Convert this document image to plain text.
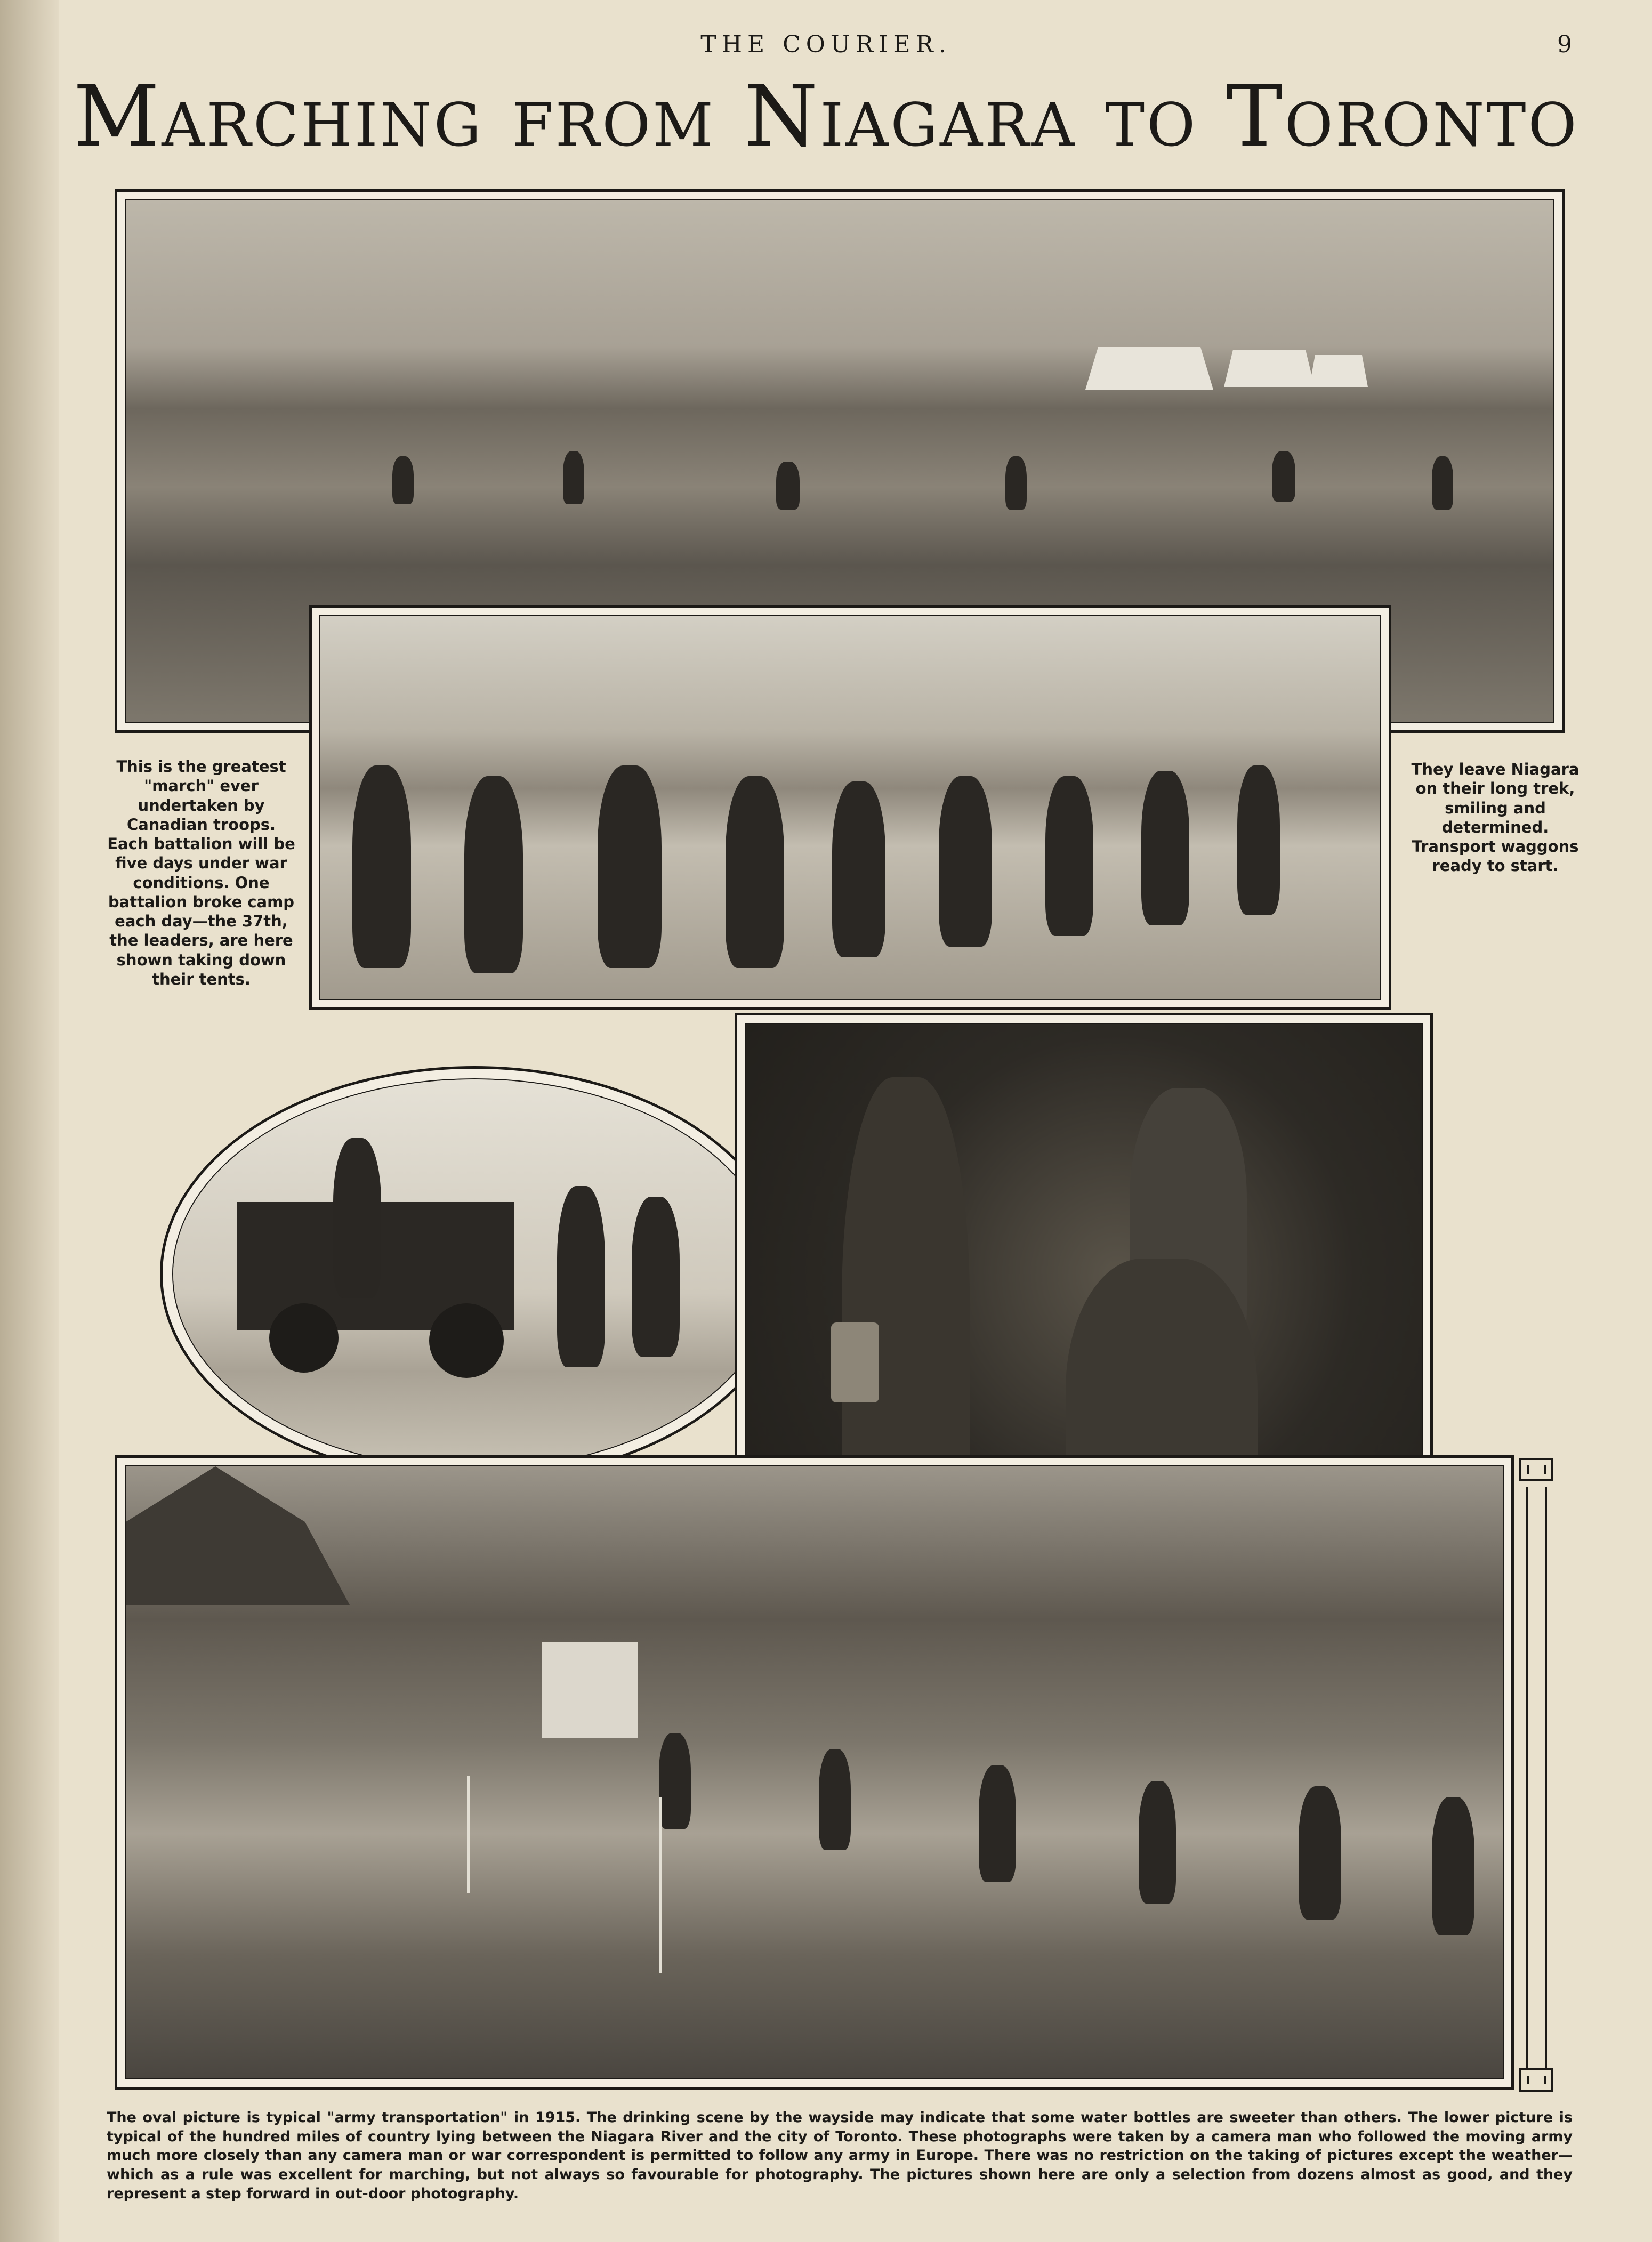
THE COURIER.	9
Marching from Niagara to Toronto
This is the greatest "march" ever undertaken by Canadian troops. Each battalion will be five days under war conditions. One battalion broke camp each day—the 37th, the leaders, are here shown taking down their tents.
They leave Niagara on their long trek, smiling and determined. Transport waggons ready to start.
The oval picture is typical "army transportation" in 1915. The drinking scene by the wayside may indicate that some water bottles are sweeter than others. The lower picture is typical of the hundred miles of country lying between the Niagara River and the city of Toronto. These photographs were taken by a camera man who followed the moving army much more closely than any camera man or war correspondent is permitted to follow any army in Europe. There was no restriction on the taking of pictures except the weather—which as a rule was excellent for marching, but not always so favourable for photography. The pictures shown here are only a selection from dozens almost as good, and they represent a step forward in out-door photography.
